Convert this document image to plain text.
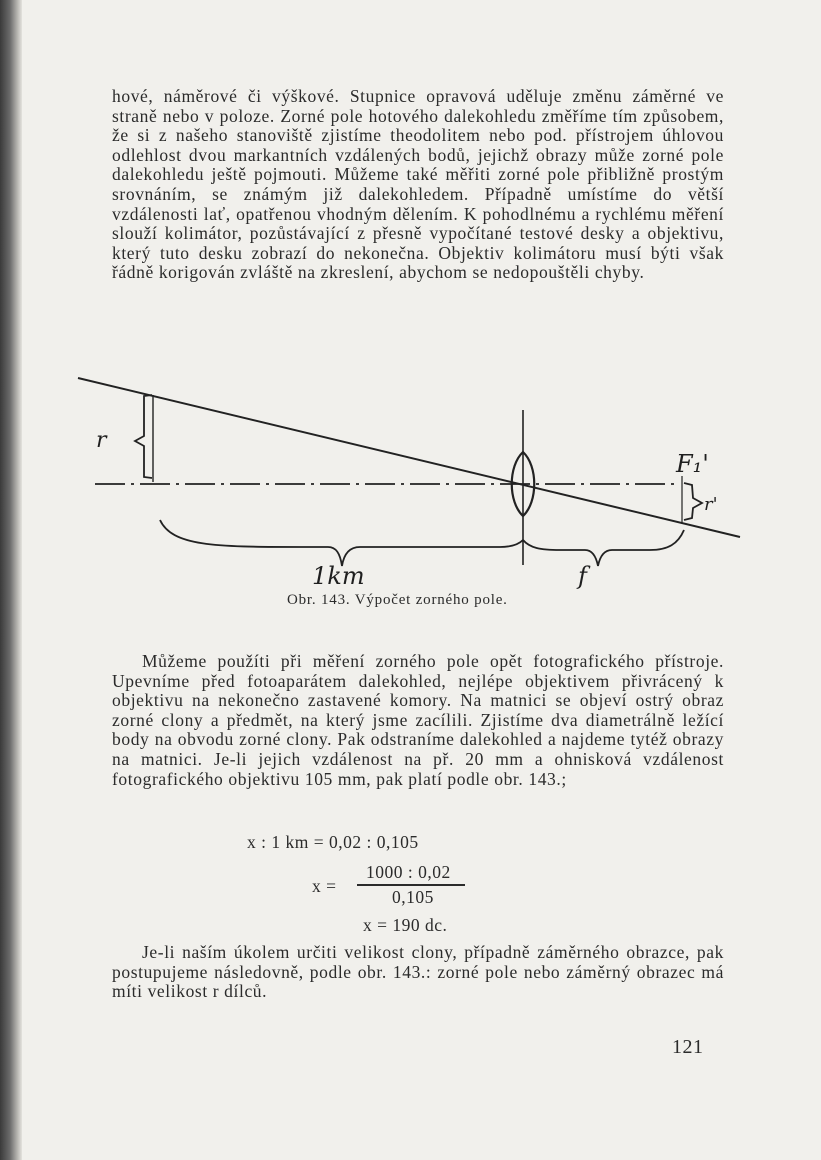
hové, náměrové či výškové. Stupnice opravová uděluje změnu záměrné ve straně nebo v poloze. Zorné pole hotového dalekohledu změříme tím způsobem, že si z našeho stanoviště zjistíme theodolitem nebo pod. přístrojem úhlovou odlehlost dvou markantních vzdálených bodů, jejichž obrazy může zorné pole dalekohledu ještě pojmouti. Můžeme také měřiti zorné pole přibližně prostým srovnáním, se známým již dalekohledem. Případně umístíme do větší vzdálenosti lať, opatřenou vhodným dělením. K pohodlnému a rychlému měření slouží kolimátor, pozůstávající z přesně vypočítané testové desky a objektivu, který tuto desku zobrazí do nekonečna. Objektiv kolimátoru musí býti však řádně korigován zvláště na zkreslení, abychom se nedopouštěli chyby.

r
F₁'
r'
1km	f
Obr. 143. Výpočet zorného pole.

Můžeme použíti při měření zorného pole opět fotografického přístroje. Upevníme před fotoaparátem dalekohled, nejlépe objektivem přivrácený k objektivu na nekonečno zastavené komory. Na matnici se objeví ostrý obraz zorné clony a předmět, na který jsme zacílili. Zjistíme dva diametrálně ležící body na obvodu zorné clony. Pak odstraníme dalekohled a najdeme tytéž obrazy na matnici. Je-li jejich vzdálenost na př. 20 mm a ohnisková vzdálenost fotografického objektivu 105 mm, pak platí podle obr. 143.;

x : 1 km = 0,02 : 0,105
x =
1000 : 0,02
0,105
x = 190 dc.

Je-li naším úkolem určiti velikost clony, případně záměrného obrazce, pak postupujeme následovně, podle obr. 143.: zorné pole nebo záměrný obrazec má míti velikost r dílců.

121
